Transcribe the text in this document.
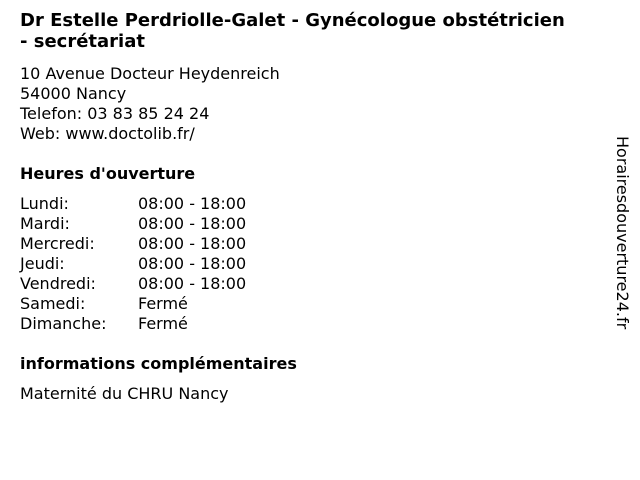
Dr Estelle Perdriolle-Galet - Gynécologue obstétricien
- secrétariat
10 Avenue Docteur Heydenreich
54000 Nancy
Telefon: 03 83 85 24 24
Web: www.doctolib.fr/
Heures d'ouverture
Lundi:	08:00 - 18:00
Mardi:	08:00 - 18:00
Mercredi:	08:00 - 18:00
Jeudi:	08:00 - 18:00
Vendredi:	08:00 - 18:00
Samedi:	Fermé
Dimanche:	Fermé
informations complémentaires

Maternité du CHRU Nancy

Horairesdouverture24.fr
